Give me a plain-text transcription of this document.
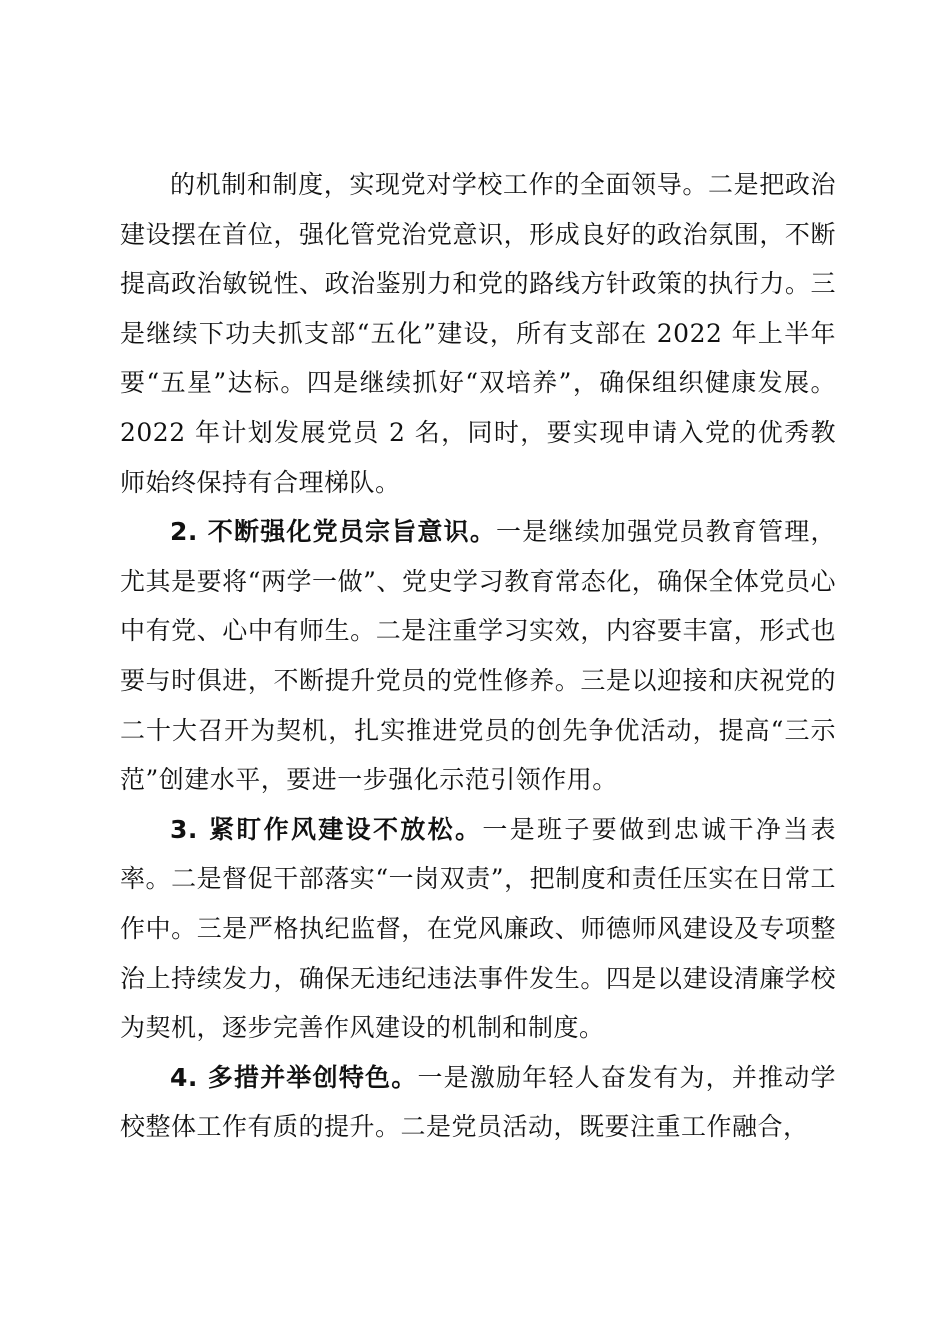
的机制和制度，实现党对学校工作的全面领导。二是把政治建设摆在首位，强化管党治党意识，形成良好的政治氛围，不断提高政治敏锐性、政治鉴别力和党的路线方针政策的执行力。三是继续下功夫抓支部“五化”建设，所有支部在 2022 年上半年要“五星”达标。四是继续抓好“双培养”，确保组织健康发展。2022 年计划发展党员 2 名，同时，要实现申请入党的优秀教师始终保持有合理梯队。

2. 不断强化党员宗旨意识。一是继续加强党员教育管理，尤其是要将“两学一做”、党史学习教育常态化，确保全体党员心中有党、心中有师生。二是注重学习实效，内容要丰富，形式也要与时俱进，不断提升党员的党性修养。三是以迎接和庆祝党的二十大召开为契机，扎实推进党员的创先争优活动，提高“三示范”创建水平，要进一步强化示范引领作用。

3. 紧盯作风建设不放松。一是班子要做到忠诚干净当表率。二是督促干部落实“一岗双责”，把制度和责任压实在日常工作中。三是严格执纪监督，在党风廉政、师德师风建设及专项整治上持续发力，确保无违纪违法事件发生。四是以建设清廉学校为契机，逐步完善作风建设的机制和制度。

4. 多措并举创特色。一是激励年轻人奋发有为，并推动学校整体工作有质的提升。二是党员活动，既要注重工作融合，
